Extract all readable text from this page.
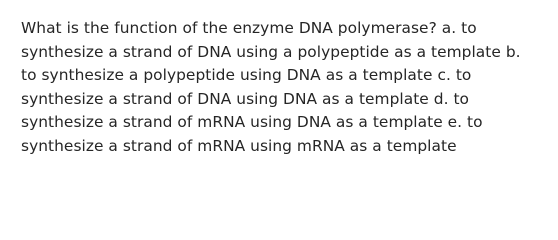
What is the function of the enzyme DNA polymerase? a. to
synthesize a strand of DNA using a polypeptide as a template b.
to synthesize a polypeptide using DNA as a template c. to
synthesize a strand of DNA using DNA as a template d. to
synthesize a strand of mRNA using DNA as a template e. to
synthesize a strand of mRNA using mRNA as a template
